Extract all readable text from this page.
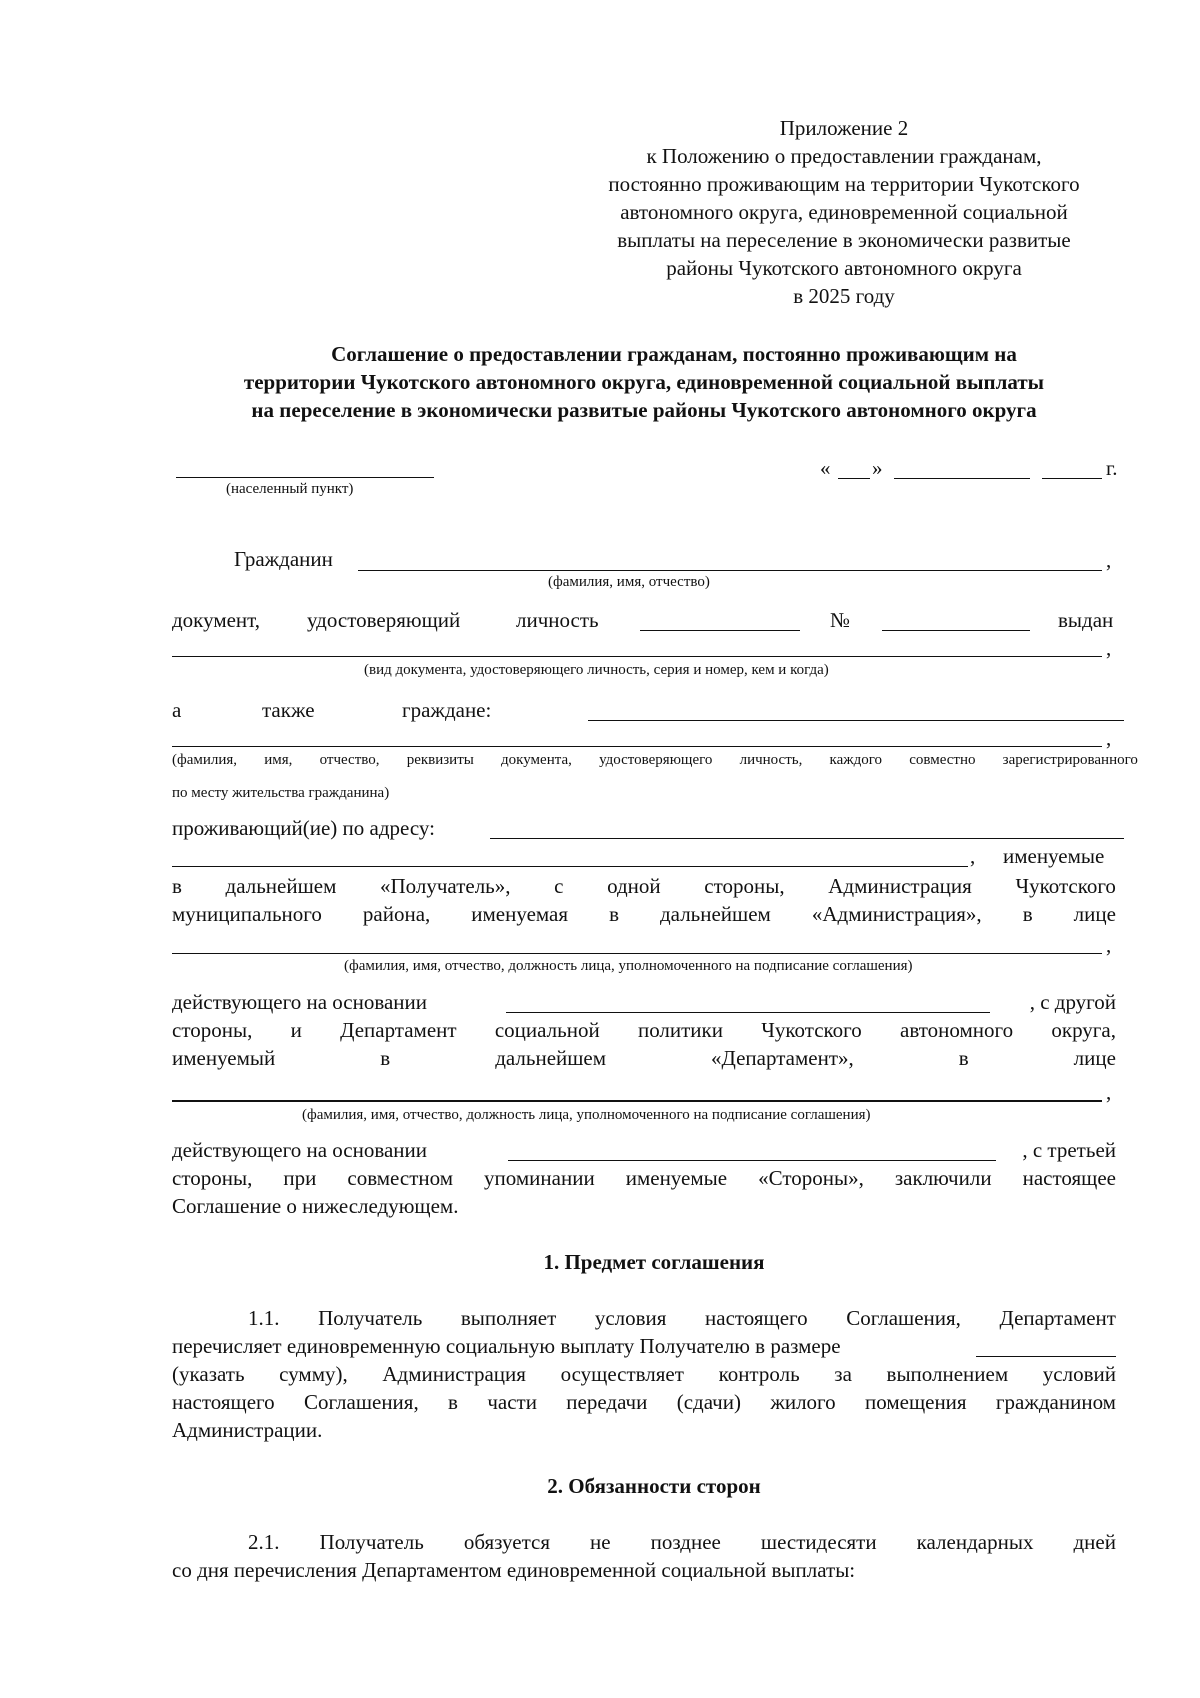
Приложение 2
к Положению о предоставлении гражданам,
постоянно проживающим на территории Чукотского
автономного округа, единовременной социальной
выплаты на переселение в экономически развитые
районы Чукотского автономного округа
в 2025 году
Соглашение о предоставлении гражданам, постоянно проживающим на
территории Чукотского автономного округа, единовременной социальной выплаты
на переселение в экономически развитые районы Чукотского автономного округа
(населенный пункт)
« »	г.
Гражданин	,
(фамилия, имя, отчество)
документ, удостоверяющий	личность	№	выдан
,
(вид документа, удостоверяющего личность, серия и номер, кем и когда)
а	также	граждане:
,
(фамилия, имя, отчество, реквизиты документа, удостоверяющего личность, каждого совместно зарегистрированного
по месту жительства гражданина)
проживающий(ие) по адресу:
, именуемые
в дальнейшем «Получатель», с одной стороны, Администрация Чукотского
муниципального района, именуемая в дальнейшем «Администрация», в лице
,
(фамилия, имя, отчество, должность лица, уполномоченного на подписание соглашения)
действующего на основании	, с другой
стороны, и Департамент социальной политики Чукотского автономного округа,
именуемый	в	дальнейшем	«Департамент»,	в	лице
,
(фамилия, имя, отчество, должность лица, уполномоченного на подписание соглашения)
действующего на основании	, с третьей
стороны, при совместном упоминании именуемые «Стороны», заключили настоящее
Соглашение о нижеследующем.
1. Предмет соглашения
1.1. Получатель выполняет условия настоящего Соглашения, Департамент
перечисляет единовременную социальную выплату Получателю в размере
(указать сумму), Администрация осуществляет контроль за выполнением условий
настоящего Соглашения, в части передачи (сдачи) жилого помещения гражданином
Администрации.
2. Обязанности сторон
2.1. Получатель обязуется не позднее шестидесяти календарных дней
со дня перечисления Департаментом единовременной социальной выплаты:
